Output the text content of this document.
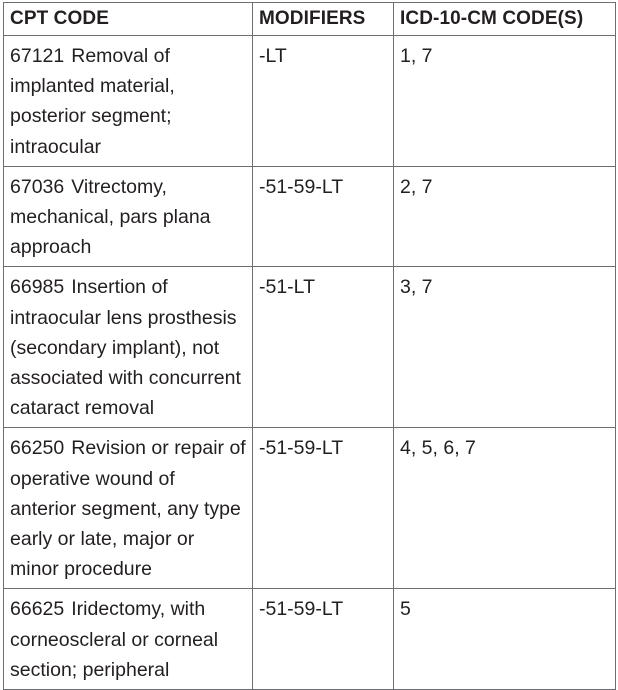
CPT CODE	MODIFIERS	ICD-10-CM CODE(S)
67121 Removal of implanted material, posterior segment; intraocular	-LT	1, 7
67036 Vitrectomy, mechanical, pars plana approach	-51-59-LT	2, 7
66985 Insertion of intraocular lens prosthesis (secondary implant), not associated with concurrent cataract removal	-51-LT	3, 7
66250 Revision or repair of operative wound of anterior segment, any type early or late, major or minor procedure	-51-59-LT	4, 5, 6, 7
66625 Iridectomy, with corneoscleral or corneal section; peripheral	-51-59-LT	5
